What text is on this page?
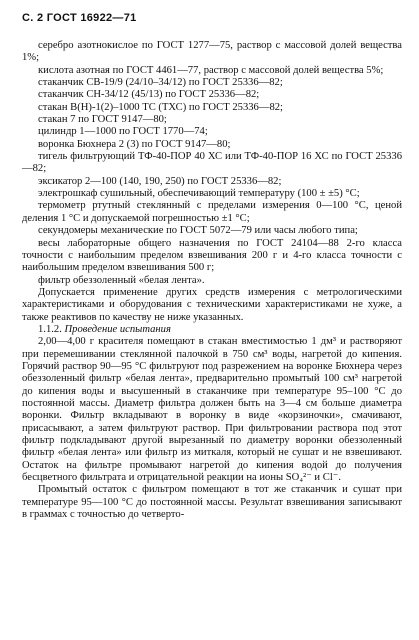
С. 2 ГОСТ 16922—71

серебро азотнокислое по ГОСТ 1277—75, раствор с массовой долей вещества 1%;

кислота азотная по ГОСТ 4461—77, раствор с массовой долей вещества 5%;

стаканчик СВ-19/9 (24/10–34/12) по ГОСТ 25336—82;

стаканчик СН-34/12 (45/13) по ГОСТ 25336—82;

стакан В(Н)-1(2)–1000 ТС (ТХС) по ГОСТ 25336—82;

стакан 7 по ГОСТ 9147—80;

цилиндр 1—1000 по ГОСТ 1770—74;

воронка Бюхнера 2 (3) по ГОСТ 9147—80;

тигель фильтрующий ТФ-40-ПОР 40 ХС или ТФ-40-ПОР 16 ХС по ГОСТ 25336—82;

эксикатор 2—100 (140, 190, 250) по ГОСТ 25336—82;

электрошкаф сушильный, обеспечивающий температуру (100 ± ±5) °С;

термометр ртутный стеклянный с пределами измерения 0—100 °С, ценой деления 1 °С и допускаемой погрешностью ±1 °С;

секундомеры механические по ГОСТ 5072—79 или часы любого типа;

весы лабораторные общего назначения по ГОСТ 24104—88 2-го класса точности с наибольшим пределом взвешивания 200 г и 4-го класса точности с наибольшим пределом взвешивания 500 г;

фильтр обеззоленный «белая лента».

Допускается применение других средств измерения с метрологическими характеристиками и оборудования с техническими характеристиками не хуже, а также реактивов по качеству не ниже указанных.

1.1.2. Проведение испытания

2,00—4,00 г красителя помещают в стакан вместимостью 1 дм³ и растворяют при перемешивании стеклянной палочкой в 750 см³ воды, нагретой до кипения. Горячий раствор 90—95 °С фильтруют под разрежением на воронке Бюхнера через обеззоленный фильтр «белая лента», предварительно промытый 100 см³ нагретой до кипения воды и высушенный в стаканчике при температуре 95–100 °С до постоянной массы. Диаметр фильтра должен быть на 3—4 см больше диаметра воронки. Фильтр вкладывают в воронку в виде «корзиночки», смачивают, присасывают, а затем фильтруют раствор. При фильтровании раствора под этот фильтр подкладывают другой вырезанный по диаметру воронки обеззоленный фильтр «белая лента» или фильтр из миткаля, который не сушат и не взвешивают. Остаток на фильтре промывают нагретой до кипения водой до получения бесцветного фильтрата и отрицательной реакции на ионы SO₄²⁻ и Cl⁻.

Промытый остаток с фильтром помещают в тот же стаканчик и сушат при температуре 95—100 °С до постоянной массы. Результат взвешивания записывают в граммах с точностью до четверто-
